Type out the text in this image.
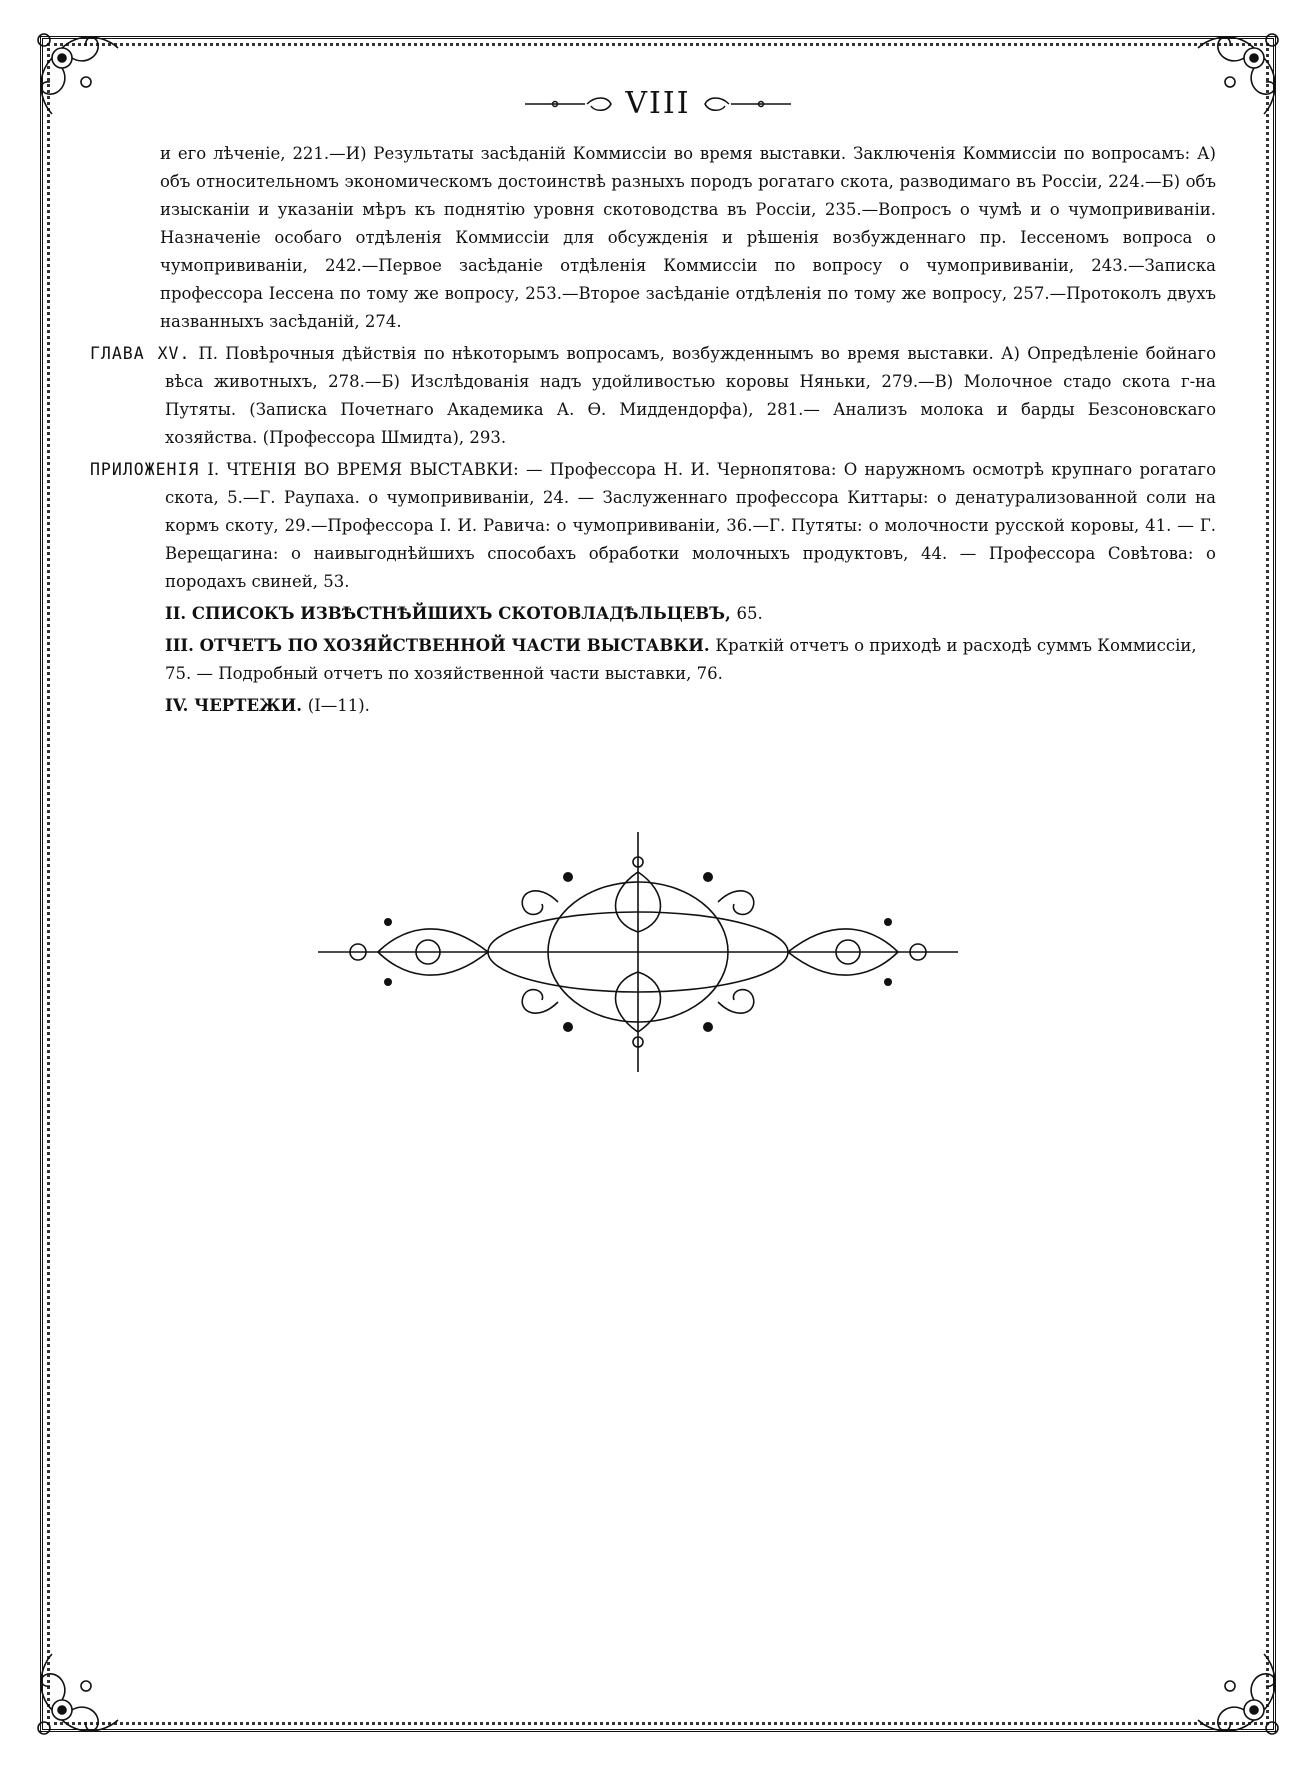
VIII

и его лѣченіе, 221.—И) Результаты засѣданій Коммиссіи во время выставки. Заключенія Коммиссіи по вопросамъ: А) объ относительномъ экономическомъ достоинствѣ разныхъ породъ рогатаго скота, разводимаго въ Россіи, 224.—Б) объ изысканіи и указаніи мѣръ къ поднятію уровня скотоводства въ Россіи, 235.—Вопросъ о чумѣ и о чумопрививаніи. Назначеніе особаго отдѣленія Коммиссіи для обсужденія и рѣшенія возбужденнаго пр. Іессеномъ вопроса о чумопрививаніи, 242.—Первое засѣданіе отдѣленія Коммиссіи по вопросу о чумопрививаніи, 243.—Записка профессора Іессена по тому же вопросу, 253.—Второе засѣданіе отдѣленія по тому же вопросу, 257.—Протоколъ двухъ названныхъ засѣданій, 274.

ГЛАВА XV. П. Повѣрочныя дѣйствія по нѣкоторымъ вопросамъ, возбужденнымъ во время выставки. А) Опредѣленіе бойнаго вѣса животныхъ, 278.—Б) Изслѣдованія надъ удойливостью коровы Няньки, 279.—В) Молочное стадо скота г-на Путяты. (Записка Почетнаго Академика А. Ѳ. Миддендорфа), 281.— Анализъ молока и барды Безсоновскаго хозяйства. (Профессора Шмидта), 293.

ПРИЛОЖЕНІЯ I. ЧТЕНІЯ ВО ВРЕМЯ ВЫСТАВКИ: — Профессора Н. И. Чернопятова: О наружномъ осмотрѣ крупнаго рогатаго скота, 5.—Г. Раупаха. о чумопрививаніи, 24. — Заслуженнаго профессора Киттары: о денатурализованной соли на кормъ скоту, 29.—Профессора І. И. Равича: о чумопрививаніи, 36.—Г. Путяты: о молочности русской коровы, 41. — Г. Верещагина: о наивыгоднѣйшихъ способахъ обработки молочныхъ продуктовъ, 44. — Профессора Совѣтова: о породахъ свиней, 53.

II. СПИСОКЪ ИЗВѢСТНѢЙШИХЪ СКОТОВЛАДѢЛЬЦЕВЪ, 65.

III. ОТЧЕТЪ ПО ХОЗЯЙСТВЕННОЙ ЧАСТИ ВЫСТАВКИ. Краткій отчетъ о приходѣ и расходѣ суммъ Коммиссіи, 75. — Подробный отчетъ по хозяйственной части выставки, 76.

IV. ЧЕРТЕЖИ. (I—11).
